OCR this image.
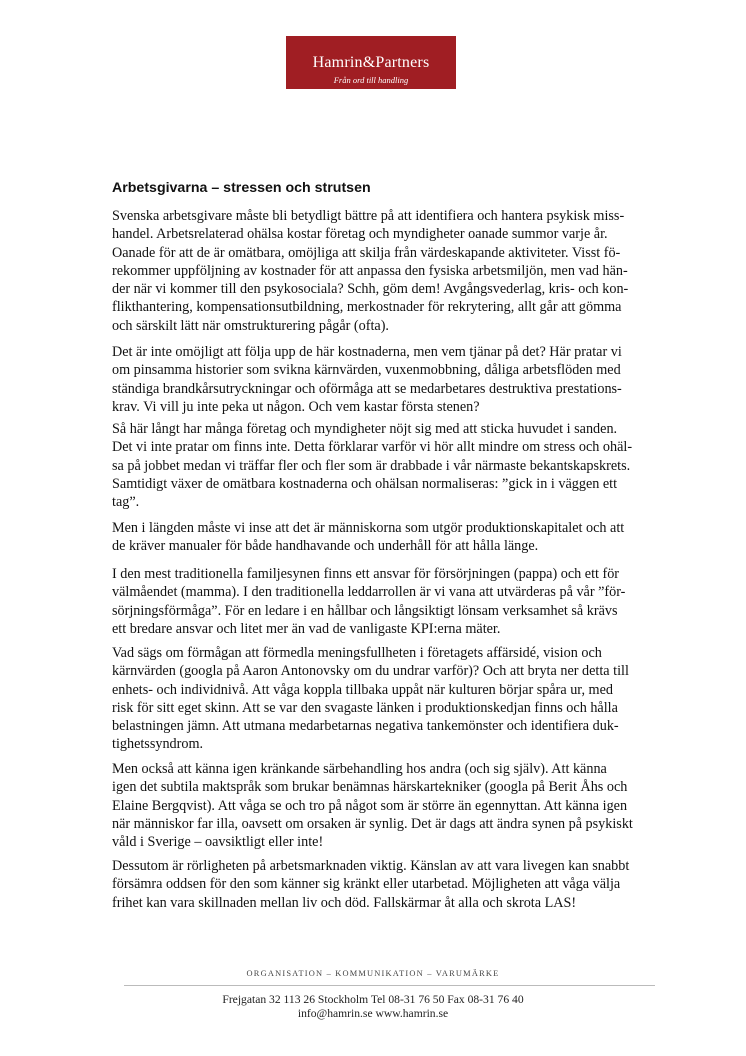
Hamrin&Partners
Från ord till handling
Arbetsgivarna – stressen och strutsen
Svenska arbetsgivare måste bli betydligt bättre på att identifiera och hantera psykisk miss-
handel. Arbetsrelaterad ohälsa kostar företag och myndigheter oanade summor varje år.
Oanade för att de är omätbara, omöjliga att skilja från värdeskapande aktiviteter. Visst fö-
rekommer uppföljning av kostnader för att anpassa den fysiska arbetsmiljön, men vad hän-
der när vi kommer till den psykosociala? Schh, göm dem! Avgångsvederlag, kris- och kon-
flikthantering, kompensationsutbildning, merkostnader för rekrytering, allt går att gömma
och särskilt lätt när omstrukturering pågår (ofta).
Det är inte omöjligt att följa upp de här kostnaderna, men vem tjänar på det? Här pratar vi
om pinsamma historier som svikna kärnvärden, vuxenmobbning, dåliga arbetsflöden med
ständiga brandkårsutryckningar och oförmåga att se medarbetares destruktiva prestations-
krav. Vi vill ju inte peka ut någon. Och vem kastar första stenen?
Så här långt har många företag och myndigheter nöjt sig med att sticka huvudet i sanden.
Det vi inte pratar om finns inte. Detta förklarar varför vi hör allt mindre om stress och ohäl-
sa på jobbet medan vi träffar fler och fler som är drabbade i vår närmaste bekantskapskrets.
Samtidigt växer de omätbara kostnaderna och ohälsan normaliseras: ”gick in i väggen ett
tag”.
Men i längden måste vi inse att det är människorna som utgör produktionskapitalet och att
de kräver manualer för både handhavande och underhåll för att hålla länge.
I den mest traditionella familjesynen finns ett ansvar för försörjningen (pappa) och ett för
välmåendet (mamma). I den traditionella leddarrollen är vi vana att utvärderas på vår ”för-
sörjningsförmåga”. För en ledare i en hållbar och långsiktigt lönsam verksamhet så krävs
ett bredare ansvar och litet mer än vad de vanligaste KPI:erna mäter.
Vad sägs om förmågan att förmedla meningsfullheten i företagets affärsidé, vision och
kärnvärden (googla på Aaron Antonovsky om du undrar varför)? Och att bryta ner detta till
enhets- och individnivå. Att våga koppla tillbaka uppåt när kulturen börjar spåra ur, med
risk för sitt eget skinn. Att se var den svagaste länken i produktionskedjan finns och hålla
belastningen jämn. Att utmana medarbetarnas negativa tankemönster och identifiera duk-
tighetssyndrom.
Men också att känna igen kränkande särbehandling hos andra (och sig själv). Att känna
igen det subtila maktspråk som brukar benämnas härskartekniker (googla på Berit Åhs och
Elaine Bergqvist). Att våga se och tro på något som är större än egennyttan. Att känna igen
när människor far illa, oavsett om orsaken är synlig. Det är dags att ändra synen på psykiskt
våld i Sverige – oavsiktligt eller inte!
Dessutom är rörligheten på arbetsmarknaden viktig. Känslan av att vara livegen kan snabbt
försämra oddsen för den som känner sig kränkt eller utarbetad. Möjligheten att våga välja
frihet kan vara skillnaden mellan liv och död. Fallskärmar åt alla och skrota LAS!
ORGANISATION – KOMMUNIKATION – VARUMÄRKE
Frejgatan 32 113 26 Stockholm Tel 08-31 76 50 Fax 08-31 76 40
info@hamrin.se www.hamrin.se
